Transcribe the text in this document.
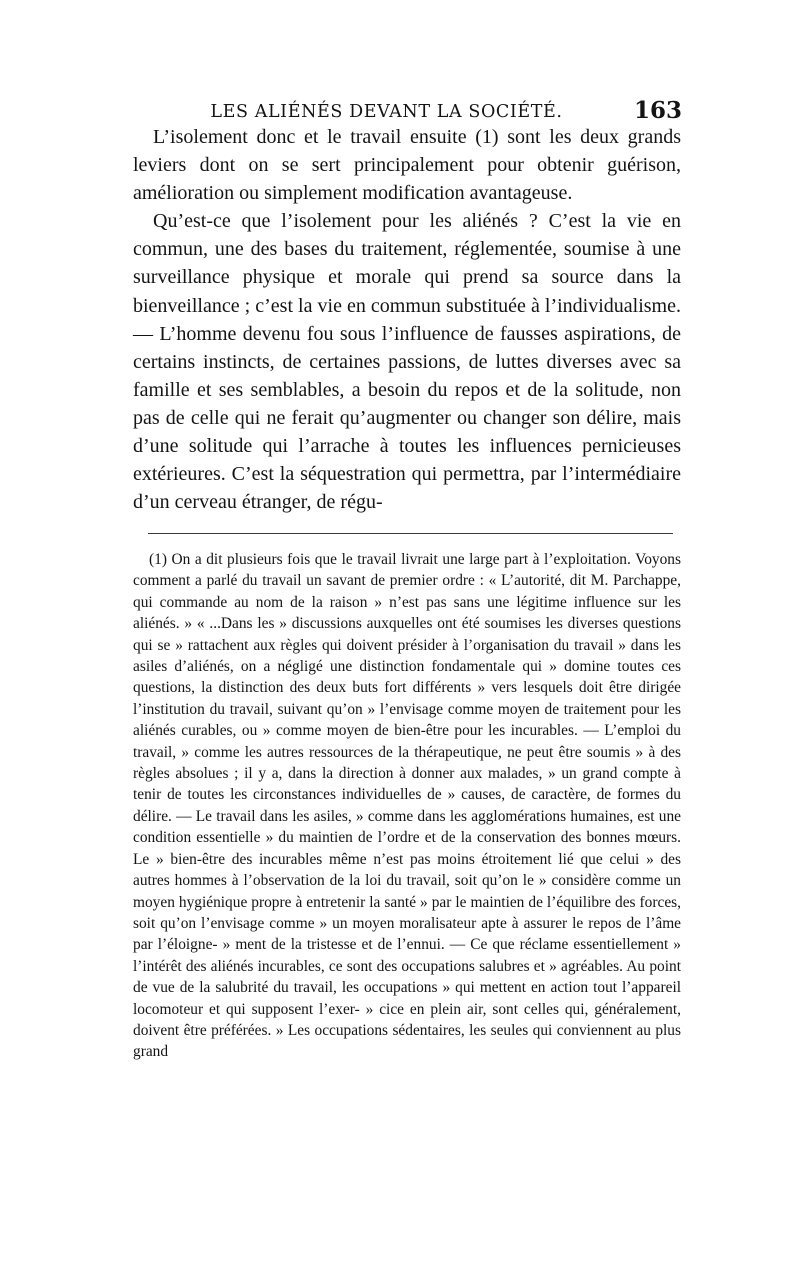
LES ALIÉNÉS DEVANT LA SOCIÉTÉ.	163

L’isolement donc et le travail ensuite (1) sont les deux grands leviers dont on se sert principalement pour obtenir guérison, amélioration ou simplement modification avantageuse.

Qu’est-ce que l’isolement pour les aliénés ? C’est la vie en commun, une des bases du traitement, réglementée, soumise à une surveillance physique et morale qui prend sa source dans la bienveillance ; c’est la vie en commun substituée à l’individualisme. — L’homme devenu fou sous l’influence de fausses aspirations, de certains instincts, de certaines passions, de luttes diverses avec sa famille et ses semblables, a besoin du repos et de la solitude, non pas de celle qui ne ferait qu’augmenter ou changer son délire, mais d’une solitude qui l’arrache à toutes les influences pernicieuses extérieures. C’est la séquestration qui permettra, par l’intermédiaire d’un cerveau étranger, de régu-

(1) On a dit plusieurs fois que le travail livrait une large part à l’exploitation. Voyons comment a parlé du travail un savant de premier ordre : « L’autorité, dit M. Parchappe, qui commande au nom de la raison » n’est pas sans une légitime influence sur les aliénés. » « ...Dans les » discussions auxquelles ont été soumises les diverses questions qui se » rattachent aux règles qui doivent présider à l’organisation du travail » dans les asiles d’aliénés, on a négligé une distinction fondamentale qui » domine toutes ces questions, la distinction des deux buts fort différents » vers lesquels doit être dirigée l’institution du travail, suivant qu’on » l’envisage comme moyen de traitement pour les aliénés curables, ou » comme moyen de bien-être pour les incurables. — L’emploi du travail, » comme les autres ressources de la thérapeutique, ne peut être soumis » à des règles absolues ; il y a, dans la direction à donner aux malades, » un grand compte à tenir de toutes les circonstances individuelles de » causes, de caractère, de formes du délire. — Le travail dans les asiles, » comme dans les agglomérations humaines, est une condition essentielle » du maintien de l’ordre et de la conservation des bonnes mœurs. Le » bien-être des incurables même n’est pas moins étroitement lié que celui » des autres hommes à l’observation de la loi du travail, soit qu’on le » considère comme un moyen hygiénique propre à entretenir la santé » par le maintien de l’équilibre des forces, soit qu’on l’envisage comme » un moyen moralisateur apte à assurer le repos de l’âme par l’éloigne- » ment de la tristesse et de l’ennui. — Ce que réclame essentiellement » l’intérêt des aliénés incurables, ce sont des occupations salubres et » agréables. Au point de vue de la salubrité du travail, les occupations » qui mettent en action tout l’appareil locomoteur et qui supposent l’exer- » cice en plein air, sont celles qui, généralement, doivent être préférées. » Les occupations sédentaires, les seules qui conviennent au plus grand
